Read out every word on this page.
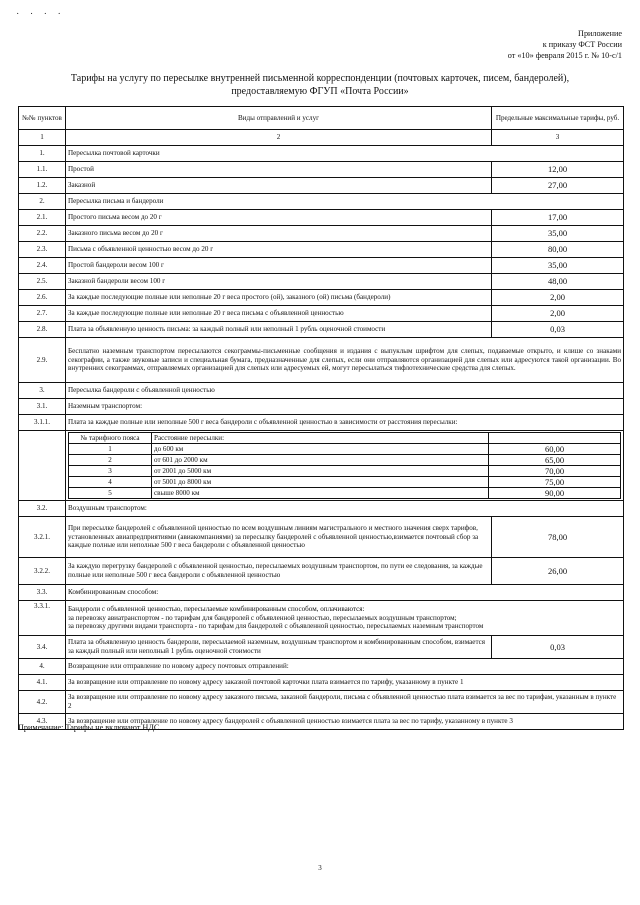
˙ ˙ ˙ ˙
Приложение
к приказу ФСТ России
от «10» февраля 2015 г. № 10-с/1
Тарифы на услугу по пересылке внутренней письменной корреспонденции (почтовых карточек, писем, бандеролей),
предоставляемую ФГУП «Почта России»
№№ пунктов	Виды отправлений и услуг	Предельные максимальные тарифы, руб.
1	2	3
1.	Пересылка почтовой карточки
1.1.	Простой	12,00
1.2.	Заказной	27,00
2.	Пересылка письма и бандероли
2.1.	Простого письма весом до 20 г	17,00
2.2.	Заказного письма весом до 20 г	35,00
2.3.	Письма с объявленной ценностью весом до 20 г	80,00
2.4.	Простой бандероли весом 100 г	35,00
2.5.	Заказной бандероли весом 100 г	48,00
2.6.	За каждые последующие полные или неполные 20 г веса простого (ой), заказного (ой) письма (бандероли)	2,00
2.7.	За каждые последующие полные или неполные 20 г веса письма с объявленной ценностью	2,00
2.8.	Плата за объявленную ценность письма: за каждый полный или неполный 1 рубль оценочной стоимости	0,03
2.9.	Бесплатно наземным транспортом пересылаются секограммы-письменные сообщения и издания с выпуклым шрифтом для слепых, подаваемые открыто, и клише со знаками секографии, а также звуковые записи и специальная бумага, предназначенные для слепых, если они отправляются организацией для слепых или адресуются такой организации. Во внутренних секограммах, отправляемых организацией для слепых или адресуемых ей, могут пересылаться тифлотехнические средства для слепых.
3.	Пересылка бандероли с объявленной ценностью
3.1.	Наземным транспортом:
3.1.1.	Плата за каждые полные или неполные 500 г веса бандероли с объявленной ценностью в зависимости от расстояния пересылки:

№ тарифного пояса	Расстояние пересылки:	
1	до 600 км	60,00
2	от 601 до 2000 км	65,00
3	от 2001 до 5000 км	70,00
4	от 5001 до 8000 км	75,00
5	свыше 8000 км	90,00

3.2.	Воздушным транспортом:
3.2.1.	При пересылке бандеролей с объявленной ценностью по всем воздушным линиям магистрального и местного значения сверх тарифов, установленных авиапредприятиями (авиакомпаниями) за пересылку бандеролей с объявленной ценностью,взимается почтовый сбор за каждые полные или неполные 500 г веса бандероли с объявленной ценностью	78,00
3.2.2.	За каждую перегрузку бандеролей с объявленной ценностью, пересылаемых воздушным транспортом, по пути ее следования, за каждые полные или неполные 500 г веса бандероли с объявленной ценностью	26,00
3.3.	Комбинированным способом:
3.3.1.	Бандероли с объявленной ценностью, пересылаемые комбинированным способом, оплачиваются:
за перевозку авиатранспортом - по тарифам для бандеролей с объявленной ценностью, пересылаемых воздушным транспортом;
за перевозку другими видами транспорта - по тарифам для бандеролей с объявленной ценностью, пересылаемых наземным транспортом

3.4.	Плата за объявленную ценность бандероли, пересылаемой наземным, воздушным транспортом и комбинированным способом, взимается за каждый полный или неполный 1 рубль оценочной стоимости	0,03
4.	Возвращение или отправление по новому адресу почтовых отправлений:
4.1.	За возвращение или отправление по новому адресу заказной почтовой карточки плата взимается по тарифу, указанному в пункте 1
4.2.	За возвращение или отправление по новому адресу заказного письма, заказной бандероли, письма с объявленной ценностью плата взимается за вес по тарифам, указанным в пункте 2
4.3.	За возвращение или отправление по новому адресу бандеролей с объявленной ценностью взимается плата за вес по тарифу, указанному в пункте 3
Примечание: Тарифы не включают НДС.
3
